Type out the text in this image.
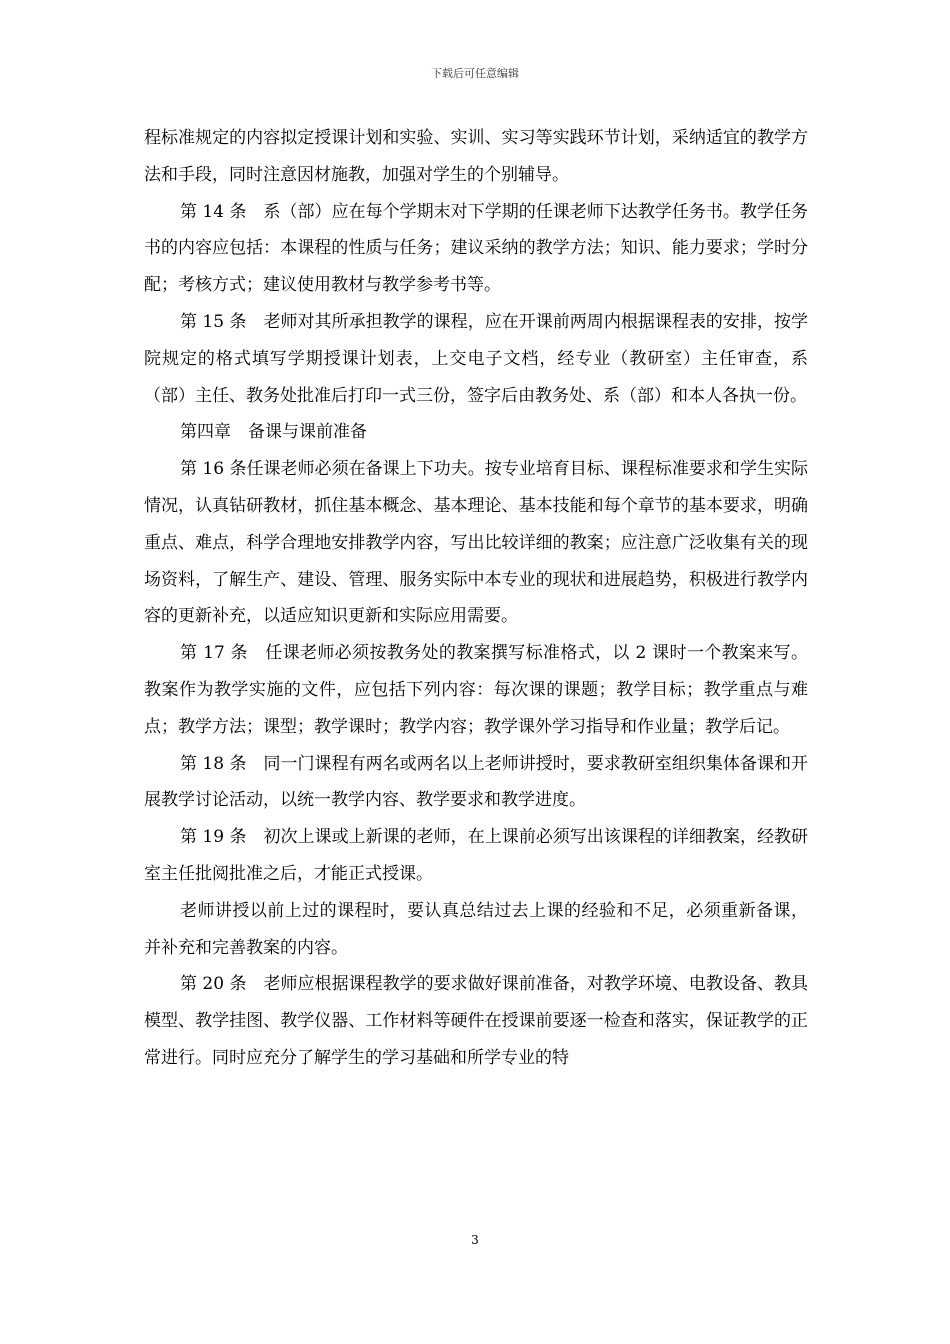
下载后可任意编辑

程标准规定的内容拟定授课计划和实验、实训、实习等实践环节计划，采纳适宜的教学方法和手段，同时注意因材施教，加强对学生的个别辅导。

第 14 条　系（部）应在每个学期末对下学期的任课老师下达教学任务书。教学任务书的内容应包括：本课程的性质与任务；建议采纳的教学方法；知识、能力要求；学时分配；考核方式；建议使用教材与教学参考书等。

第 15 条　老师对其所承担教学的课程，应在开课前两周内根据课程表的安排，按学院规定的格式填写学期授课计划表，上交电子文档，经专业（教研室）主任审查，系（部）主任、教务处批准后打印一式三份，签字后由教务处、系（部）和本人各执一份。

第四章　备课与课前准备

第 16 条任课老师必须在备课上下功夫。按专业培育目标、课程标准要求和学生实际情况，认真钻研教材，抓住基本概念、基本理论、基本技能和每个章节的基本要求，明确重点、难点，科学合理地安排教学内容，写出比较详细的教案；应注意广泛收集有关的现场资料，了解生产、建设、管理、服务实际中本专业的现状和进展趋势，积极进行教学内容的更新补充，以适应知识更新和实际应用需要。

第 17 条　任课老师必须按教务处的教案撰写标准格式，以 2 课时一个教案来写。教案作为教学实施的文件，应包括下列内容：每次课的课题；教学目标；教学重点与难点；教学方法；课型；教学课时；教学内容；教学课外学习指导和作业量；教学后记。

第 18 条　同一门课程有两名或两名以上老师讲授时，要求教研室组织集体备课和开展教学讨论活动，以统一教学内容、教学要求和教学进度。

第 19 条　初次上课或上新课的老师，在上课前必须写出该课程的详细教案，经教研室主任批阅批准之后，才能正式授课。

老师讲授以前上过的课程时，要认真总结过去上课的经验和不足，必须重新备课，并补充和完善教案的内容。

第 20 条　老师应根据课程教学的要求做好课前准备，对教学环境、电教设备、教具模型、教学挂图、教学仪器、工作材料等硬件在授课前要逐一检查和落实，保证教学的正常进行。同时应充分了解学生的学习基础和所学专业的特

3
